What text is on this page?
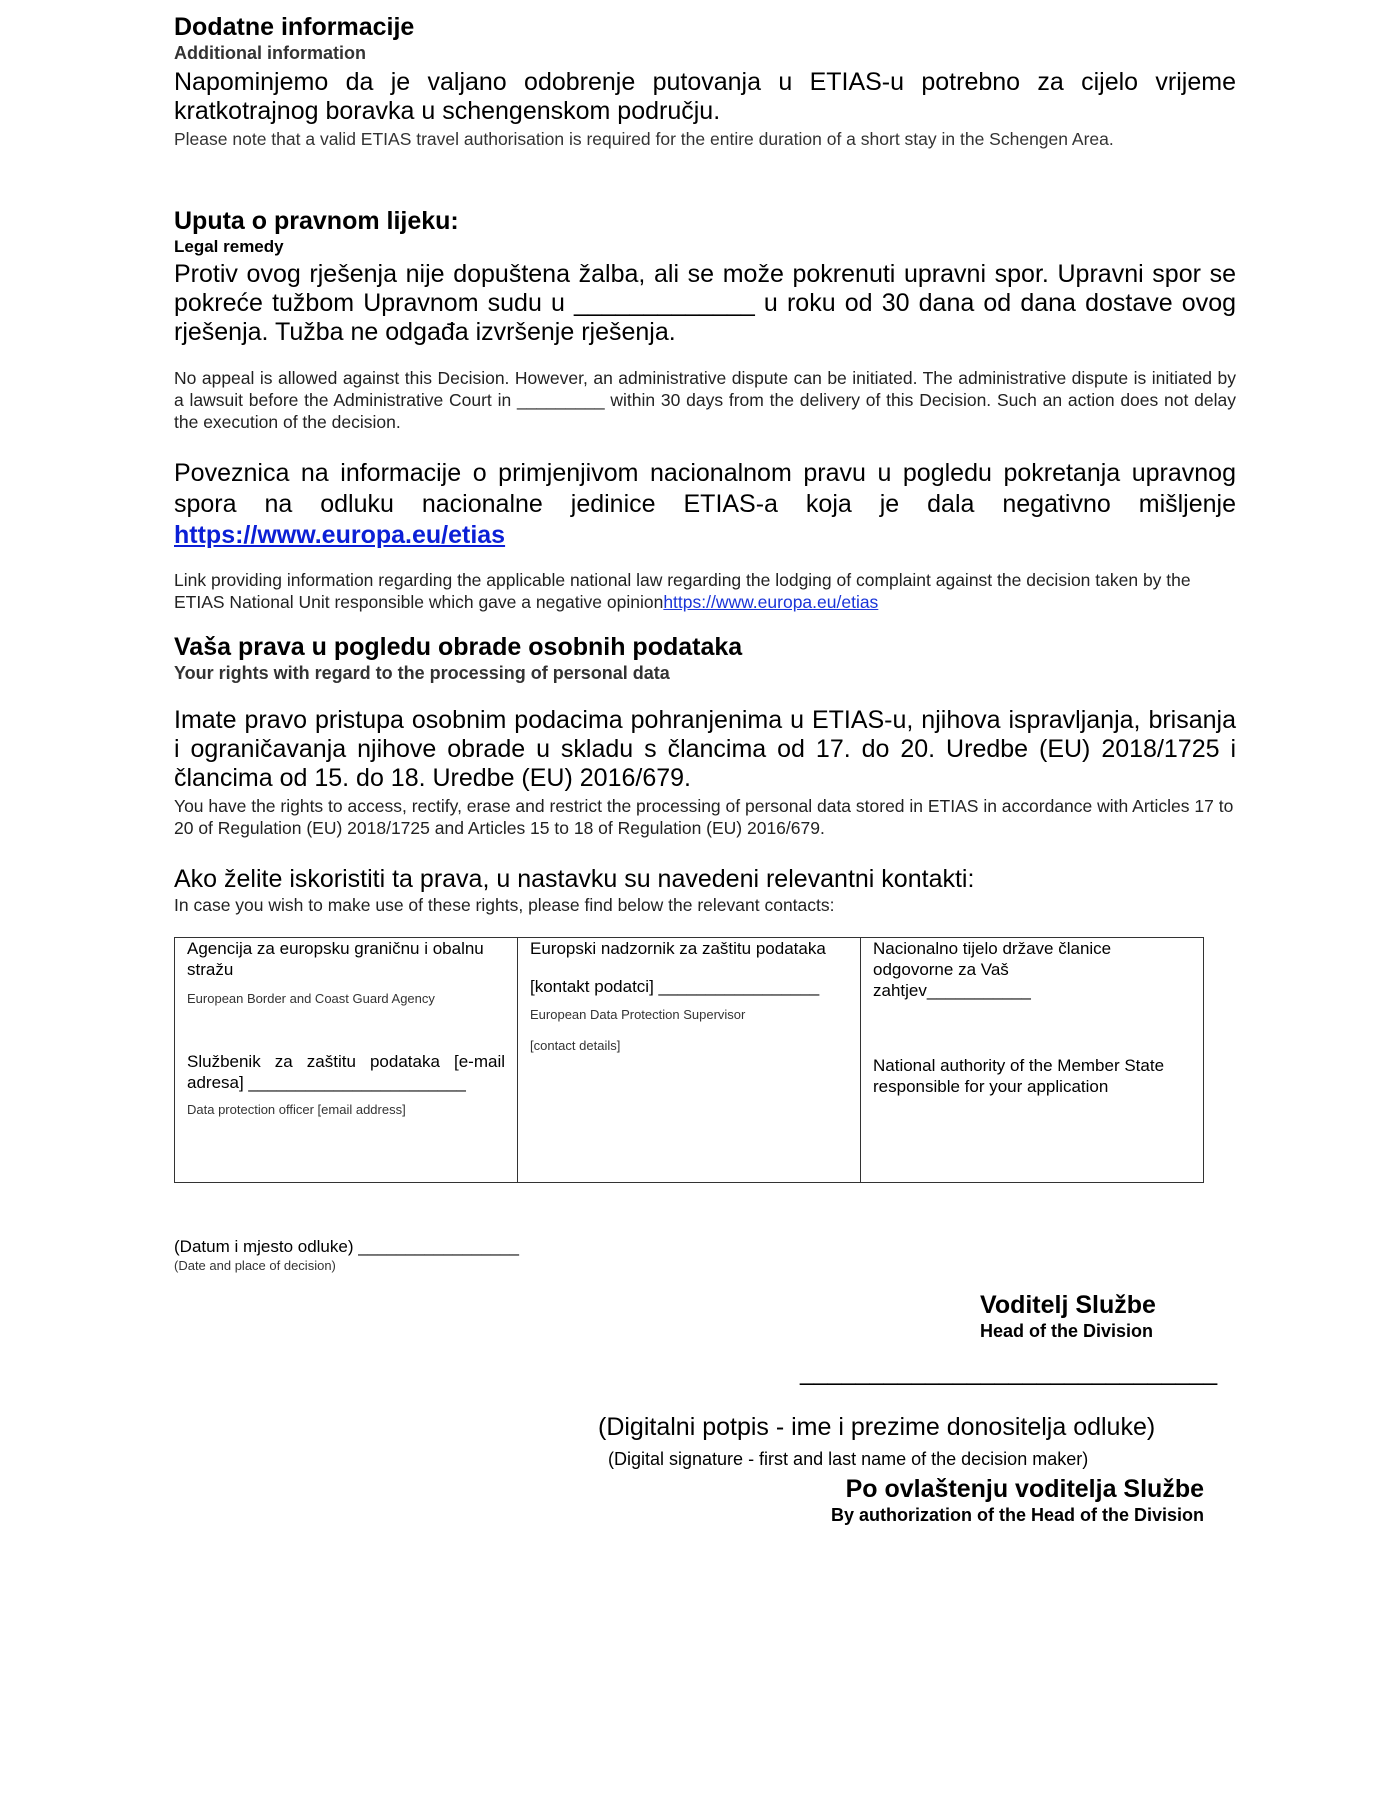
Dodatne informacije
Additional information
Napominjemo da je valjano odobrenje putovanja u ETIAS-u potrebno za cijelo vrijeme kratkotrajnog boravka u schengenskom području.
Please note that a valid ETIAS travel authorisation is required for the entire duration of a short stay in the Schengen Area.
Uputa o pravnom lijeku:
Legal remedy
Protiv ovog rješenja nije dopuštena žalba, ali se može pokrenuti upravni spor. Upravni spor se pokreće tužbom Upravnom sudu u _____________ u roku od 30 dana od dana dostave ovog rješenja. Tužba ne odgađa izvršenje rješenja.
No appeal is allowed against this Decision. However, an administrative dispute can be initiated. The administrative dispute is initiated by a lawsuit before the Administrative Court in _________ within 30 days from the delivery of this Decision. Such an action does not delay the execution of the decision.
Poveznica na informacije o primjenjivom nacionalnom pravu u pogledu pokretanja upravnog spora na odluku nacionalne jedinice ETIAS-a koja je dala negativno mišljenje https://www.europa.eu/etias
Link providing information regarding the applicable national law regarding the lodging of complaint against the decision taken by the ETIAS National Unit responsible which gave a negative opinionhttps://www.europa.eu/etias
Vaša prava u pogledu obrade osobnih podataka
Your rights with regard to the processing of personal data
Imate pravo pristupa osobnim podacima pohranjenima u ETIAS-u, njihova ispravljanja, brisanja i ograničavanja njihove obrade u skladu s člancima od 17. do 20. Uredbe (EU) 2018/1725 i člancima od 15. do 18. Uredbe (EU) 2016/679.
You have the rights to access, rectify, erase and restrict the processing of personal data stored in ETIAS in accordance with Articles 17 to 20 of Regulation (EU) 2018/1725 and Articles 15 to 18 of Regulation (EU) 2016/679.
Ako želite iskoristiti ta prava, u nastavku su navedeni relevantni kontakti:
In case you wish to make use of these rights, please find below the relevant contacts:
Agencija za europsku graničnu i obalnu stražu
European Border and Coast Guard Agency
Službenik za zaštitu podataka [e-mail adresa] _______________________
Data protection officer [email address]

Europski nadzornik za zaštitu podataka
[kontakt podatci] _________________
European Data Protection Supervisor
[contact details]

Nacionalno tijelo države članice odgovorne za Vaš zahtjev___________
National authority of the Member State responsible for your application
(Datum i mjesto odluke) _________________
(Date and place of decision)
Voditelj Službe
Head of the Division
______________________________
(Digitalni potpis - ime i prezime donositelja odluke)
(Digital signature - first and last name of the decision maker)
Po ovlaštenju voditelja Službe
By authorization of the Head of the Division
